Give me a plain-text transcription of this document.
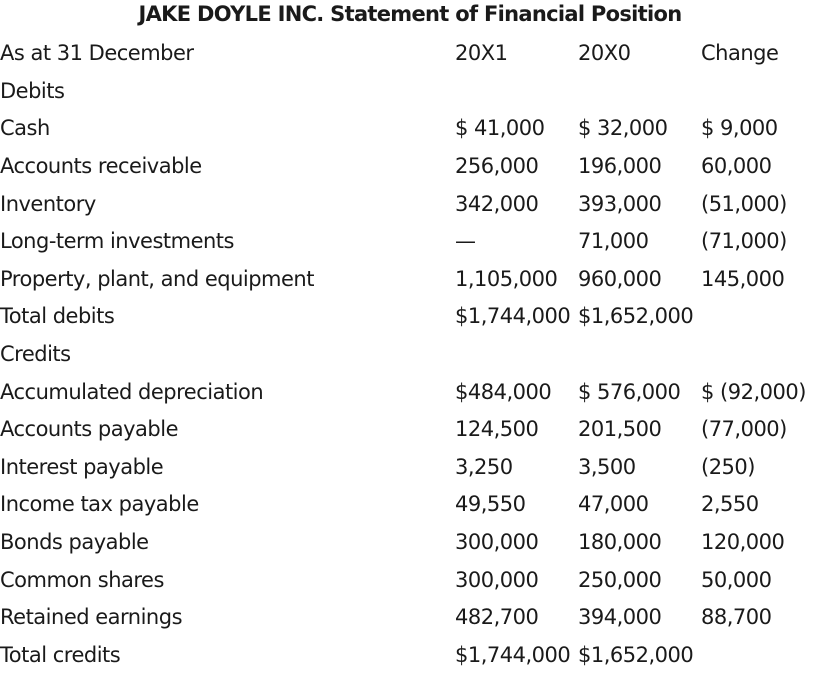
JAKE DOYLE INC. Statement of Financial Position
As at 31 December	20X1	20X0	Change
Debits			
Cash	$ 41,000	$ 32,000	$ 9,000
Accounts receivable	256,000	196,000	60,000
Inventory	342,000	393,000	(51,000)
Long-term investments	—	71,000	(71,000)
Property, plant, and equipment	1,105,000	960,000	145,000
Total debits	$1,744,000	$1,652,000	
Credits			
Accumulated depreciation	$484,000	$ 576,000	$ (92,000)
Accounts payable	124,500	201,500	(77,000)
Interest payable	3,250	3,500	(250)
Income tax payable	49,550	47,000	2,550
Bonds payable	300,000	180,000	120,000
Common shares	300,000	250,000	50,000
Retained earnings	482,700	394,000	88,700
Total credits	$1,744,000	$1,652,000	
